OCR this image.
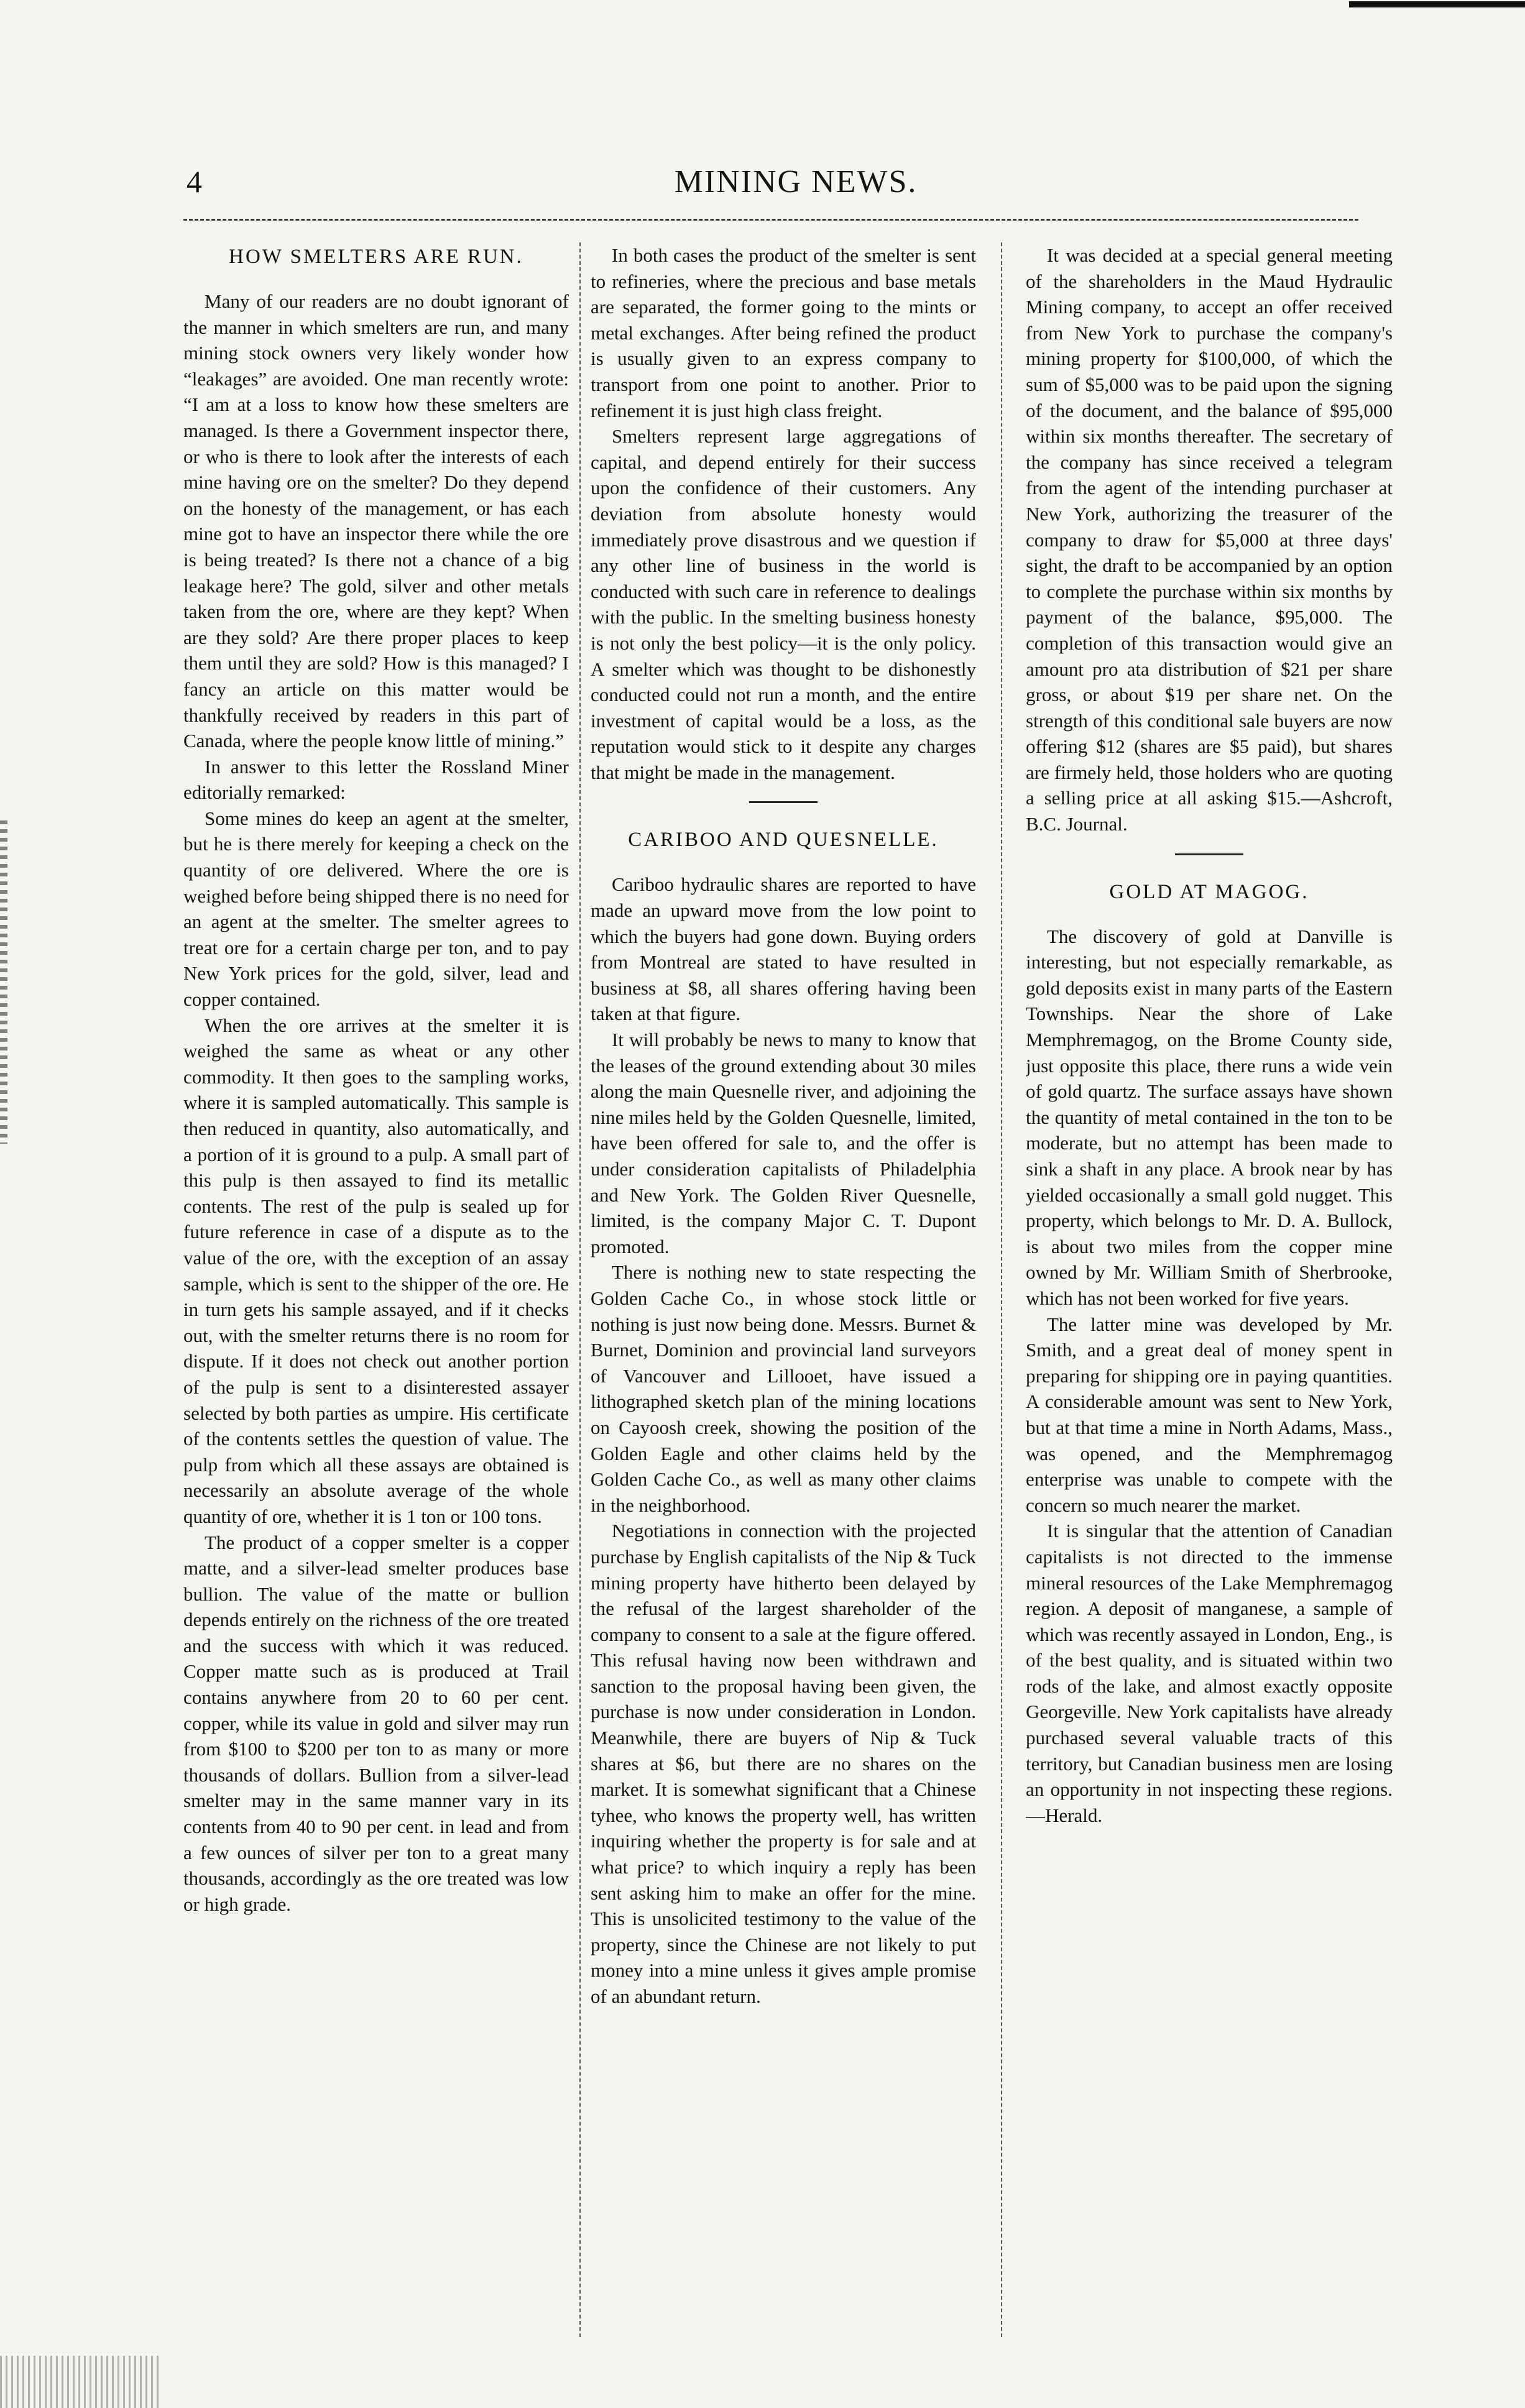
4	MINING NEWS.
HOW SMELTERS ARE RUN.

Many of our readers are no doubt ignorant of the manner in which smelters are run, and many mining stock owners very likely wonder how “leakages” are avoided. One man recently wrote: “I am at a loss to know how these smelters are managed. Is there a Government inspector there, or who is there to look after the interests of each mine having ore on the smelter? Do they depend on the honesty of the management, or has each mine got to have an inspector there while the ore is being treated? Is there not a chance of a big leakage here? The gold, silver and other metals taken from the ore, where are they kept? When are they sold? Are there proper places to keep them until they are sold? How is this managed? I fancy an article on this matter would be thankfully received by readers in this part of Canada, where the people know little of mining.”

In answer to this letter the Rossland Miner editorially remarked:

Some mines do keep an agent at the smelter, but he is there merely for keeping a check on the quantity of ore delivered. Where the ore is weighed before being shipped there is no need for an agent at the smelter. The smelter agrees to treat ore for a certain charge per ton, and to pay New York prices for the gold, silver, lead and copper contained.

When the ore arrives at the smelter it is weighed the same as wheat or any other commodity. It then goes to the sampling works, where it is sampled automatically. This sample is then reduced in quantity, also automatically, and a portion of it is ground to a pulp. A small part of this pulp is then assayed to find its metallic contents. The rest of the pulp is sealed up for future reference in case of a dispute as to the value of the ore, with the exception of an assay sample, which is sent to the shipper of the ore. He in turn gets his sample assayed, and if it checks out, with the smelter returns there is no room for dispute. If it does not check out another portion of the pulp is sent to a disinterested assayer selected by both parties as umpire. His certificate of the contents settles the question of value. The pulp from which all these assays are obtained is necessarily an absolute average of the whole quantity of ore, whether it is 1 ton or 100 tons.

The product of a copper smelter is a copper matte, and a silver-lead smelter produces base bullion. The value of the matte or bullion depends entirely on the richness of the ore treated and the success with which it was reduced. Copper matte such as is produced at Trail contains anywhere from 20 to 60 per cent. copper, while its value in gold and silver may run from $100 to $200 per ton to as many or more thousands of dollars. Bullion from a silver-lead smelter may in the same manner vary in its contents from 40 to 90 per cent. in lead and from a few ounces of silver per ton to a great many thousands, accordingly as the ore treated was low or high grade.

In both cases the product of the smelter is sent to refineries, where the precious and base metals are separated, the former going to the mints or metal exchanges. After being refined the product is usually given to an express company to transport from one point to another. Prior to refinement it is just high class freight.

Smelters represent large aggregations of capital, and depend entirely for their success upon the confidence of their customers. Any deviation from absolute honesty would immediately prove disastrous and we question if any other line of business in the world is conducted with such care in reference to dealings with the public. In the smelting business honesty is not only the best policy—it is the only policy. A smelter which was thought to be dishonestly conducted could not run a month, and the entire investment of capital would be a loss, as the reputation would stick to it despite any charges that might be made in the management.

CARIBOO AND QUESNELLE.

Cariboo hydraulic shares are reported to have made an upward move from the low point to which the buyers had gone down. Buying orders from Montreal are stated to have resulted in business at $8, all shares offering having been taken at that figure.

It will probably be news to many to know that the leases of the ground extending about 30 miles along the main Quesnelle river, and adjoining the nine miles held by the Golden Quesnelle, limited, have been offered for sale to, and the offer is under consideration capitalists of Philadelphia and New York. The Golden River Quesnelle, limited, is the company Major C. T. Dupont promoted.

There is nothing new to state respecting the Golden Cache Co., in whose stock little or nothing is just now being done. Messrs. Burnet & Burnet, Dominion and provincial land surveyors of Vancouver and Lillooet, have issued a lithographed sketch plan of the mining locations on Cayoosh creek, showing the position of the Golden Eagle and other claims held by the Golden Cache Co., as well as many other claims in the neighborhood.

Negotiations in connection with the projected purchase by English capitalists of the Nip & Tuck mining property have hitherto been delayed by the refusal of the largest shareholder of the company to consent to a sale at the figure offered. This refusal having now been withdrawn and sanction to the proposal having been given, the purchase is now under consideration in London. Meanwhile, there are buyers of Nip & Tuck shares at $6, but there are no shares on the market. It is somewhat significant that a Chinese tyhee, who knows the property well, has written inquiring whether the property is for sale and at what price? to which inquiry a reply has been sent asking him to make an offer for the mine. This is unsolicited testimony to the value of the property, since the Chinese are not likely to put money into a mine unless it gives ample promise of an abundant return.

It was decided at a special general meeting of the shareholders in the Maud Hydraulic Mining company, to accept an offer received from New York to purchase the company's mining property for $100,000, of which the sum of $5,000 was to be paid upon the signing of the document, and the balance of $95,000 within six months thereafter. The secretary of the company has since received a telegram from the agent of the intending purchaser at New York, authorizing the treasurer of the company to draw for $5,000 at three days' sight, the draft to be accompanied by an option to complete the purchase within six months by payment of the balance, $95,000. The completion of this transaction would give an amount pro ata distribution of $21 per share gross, or about $19 per share net. On the strength of this conditional sale buyers are now offering $12 (shares are $5 paid), but shares are firmely held, those holders who are quoting a selling price at all asking $15.—Ashcroft, B.C. Journal.

GOLD AT MAGOG.

The discovery of gold at Danville is interesting, but not especially remarkable, as gold deposits exist in many parts of the Eastern Townships. Near the shore of Lake Memphremagog, on the Brome County side, just opposite this place, there runs a wide vein of gold quartz. The surface assays have shown the quantity of metal contained in the ton to be moderate, but no attempt has been made to sink a shaft in any place. A brook near by has yielded occasionally a small gold nugget. This property, which belongs to Mr. D. A. Bullock, is about two miles from the copper mine owned by Mr. William Smith of Sherbrooke, which has not been worked for five years.

The latter mine was developed by Mr. Smith, and a great deal of money spent in preparing for shipping ore in paying quantities. A considerable amount was sent to New York, but at that time a mine in North Adams, Mass., was opened, and the Memphremagog enterprise was unable to compete with the concern so much nearer the market.

It is singular that the attention of Canadian capitalists is not directed to the immense mineral resources of the Lake Memphremagog region. A deposit of manganese, a sample of which was recently assayed in London, Eng., is of the best quality, and is situated within two rods of the lake, and almost exactly opposite Georgeville. New York capitalists have already purchased several valuable tracts of this territory, but Canadian business men are losing an opportunity in not inspecting these regions.—Herald.
